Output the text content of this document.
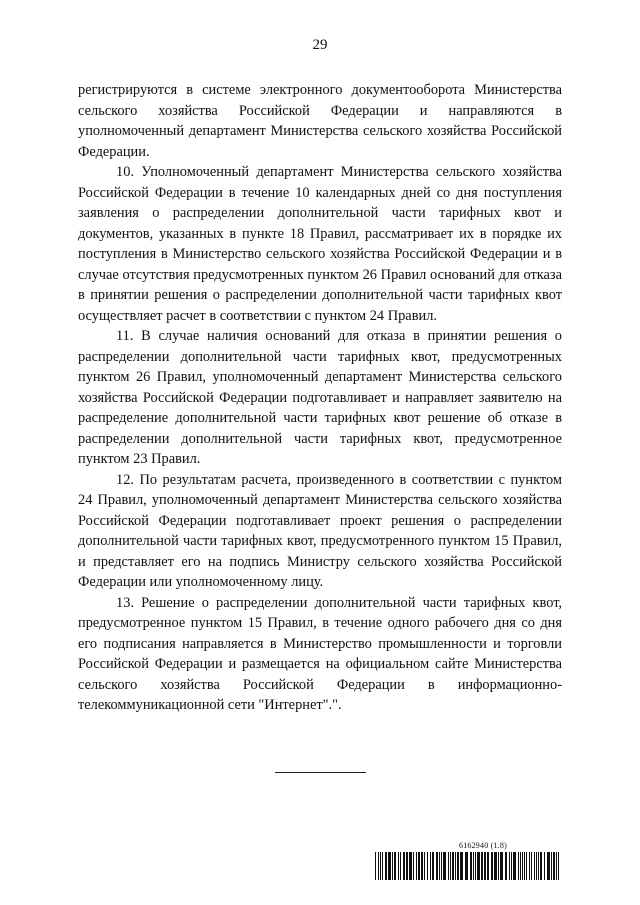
29

регистрируются в системе электронного документооборота Министерства сельского хозяйства Российской Федерации и направляются в уполномоченный департамент Министерства сельского хозяйства Российской Федерации.

10. Уполномоченный департамент Министерства сельского хозяйства Российской Федерации в течение 10 календарных дней со дня поступления заявления о распределении дополнительной части тарифных квот и документов, указанных в пункте 18 Правил, рассматривает их в порядке их поступления в Министерство сельского хозяйства Российской Федерации и в случае отсутствия предусмотренных пунктом 26 Правил оснований для отказа в принятии решения о распределении дополнительной части тарифных квот осуществляет расчет в соответствии с пунктом 24 Правил.

11. В случае наличия оснований для отказа в принятии решения о распределении дополнительной части тарифных квот, предусмотренных пунктом 26 Правил, уполномоченный департамент Министерства сельского хозяйства Российской Федерации подготавливает и направляет заявителю на распределение дополнительной части тарифных квот решение об отказе в распределении дополнительной части тарифных квот, предусмотренное пунктом 23 Правил.

12. По результатам расчета, произведенного в соответствии с пунктом 24 Правил, уполномоченный департамент Министерства сельского хозяйства Российской Федерации подготавливает проект решения о распределении дополнительной части тарифных квот, предусмотренного пунктом 15 Правил, и представляет его на подпись Министру сельского хозяйства Российской Федерации или уполномоченному лицу.

13. Решение о распределении дополнительной части тарифных квот, предусмотренное пунктом 15 Правил, в течение одного рабочего дня со дня его подписания направляется в Министерство промышленности и торговли Российской Федерации и размещается на официальном сайте Министерства сельского хозяйства Российской Федерации в информационно-телекоммуникационной сети "Интернет".".

6162940 (1.8)
